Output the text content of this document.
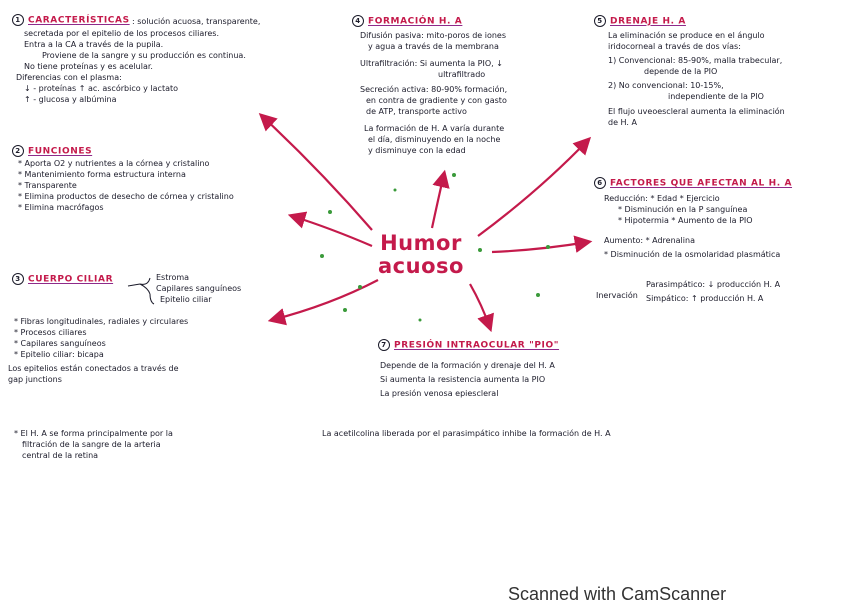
Humor
acuoso
1 CARACTERÍSTICAS : solución acuosa, transparente,
secretada por el epitelio de los procesos ciliares.
Entra a la CA a través de la pupila.
Proviene de la sangre y su producción es continua.
No tiene proteínas y es acelular.
Diferencias con el plasma:
↓ - proteínas ↑ ac. ascórbico y lactato
↑ - glucosa y albúmina
2 FUNCIONES
* Aporta O2 y nutrientes a la córnea y cristalino
* Mantenimiento forma estructura interna
* Transparente
* Elimina productos de desecho de córnea y cristalino
* Elimina macrófagos
3 CUERPO CILIAR	Estroma
Capilares sanguíneos
Epitelio ciliar
* Fibras longitudinales, radiales y circulares
* Procesos ciliares
* Capilares sanguíneos
* Epitelio ciliar: bicapa
Los epitelios están conectados a través de
gap junctions
* El H. A se forma principalmente por la
filtración de la sangre de la arteria
central de la retina
4 FORMACIÓN H. A
Difusión pasiva: mito-poros de iones
y agua a través de la membrana
Ultrafiltración: Si aumenta la PIO, ↓
ultrafiltrado
Secreción activa: 80-90% formación,
en contra de gradiente y con gasto
de ATP, transporte activo
La formación de H. A varía durante
el día, disminuyendo en la noche
y disminuye con la edad
5 DRENAJE H. A
La eliminación se produce en el ángulo
iridocorneal a través de dos vías:
1) Convencional: 85-90%, malla trabecular,
depende de la PIO
2) No convencional: 10-15%,
independiente de la PIO
El flujo uveoescleral aumenta la eliminación
de H. A
6 FACTORES QUE AFECTAN AL H. A
Reducción: * Edad * Ejercicio
* Disminución en la P sanguínea
* Hipotermia * Aumento de la PIO
Aumento: * Adrenalina
* Disminución de la osmolaridad plasmática
Inervación
Parasimpático: ↓ producción H. A
Simpático: ↑ producción H. A
7 PRESIÓN INTRAOCULAR "PIO"
Depende de la formación y drenaje del H. A
Si aumenta la resistencia aumenta la PIO
La presión venosa epiescleral
La acetilcolina liberada por el parasimpático inhibe la formación de H. A
Scanned with CamScanner
